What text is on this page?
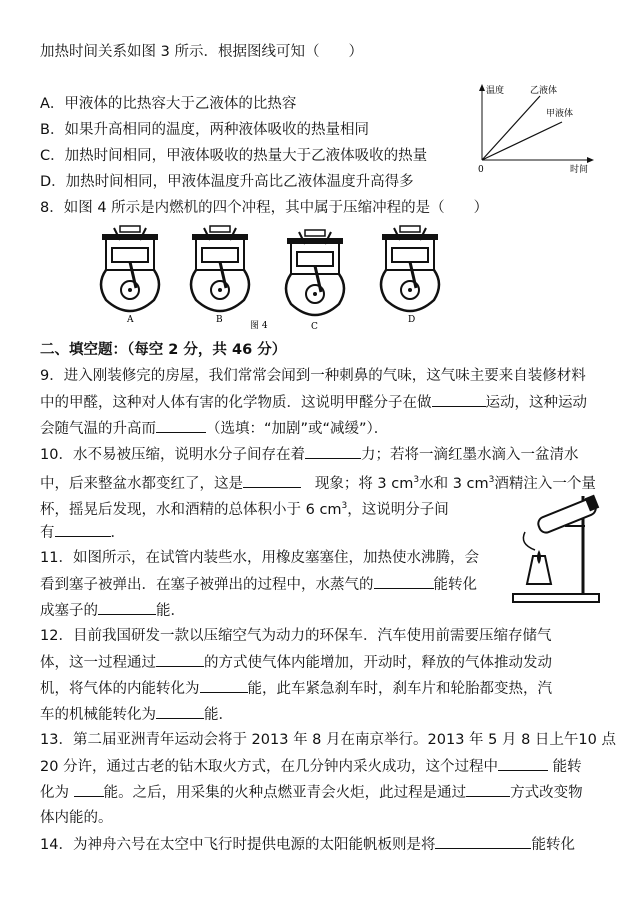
加热时间关系如图 3 所示．根据图线可知（　　）
A．甲液体的比热容大于乙液体的比热容
B．如果升高相同的温度，两种液体吸收的热量相同
C．加热时间相同，甲液体吸收的热量大于乙液体吸收的热量
D．加热时间相同，甲液体温度升高比乙液体温度升高得多
温度	乙液体
甲液体
0	时间
8．如图 4 所示是内燃机的四个冲程，其中属于压缩冲程的是（　　）
A	B
C
D
图 4
二、填空题：（每空 2 分，共 46 分）
9．进入刚装修完的房屋，我们常常会闻到一种刺鼻的气味，这气味主要来自装修材料
中的甲醛，这种对人体有害的化学物质．这说明甲醛分子在做	运动，这种运动
会随气温的升高而	（选填：“加剧”或“减缓”）．
10．水不易被压缩，说明水分子间存在着	力；若将一滴红墨水滴入一盆清水
中，后来整盆水都变红了，这是	现象；将 3 $cm^3$水和 3 $cm^3$酒精注入一个量
杯，摇晃后发现，水和酒精的总体积小于 6 $cm^3$，这说明分子间
有	．
11．如图所示，在试管内装些水，用橡皮塞塞住，加热使水沸腾，会
看到塞子被弹出．在塞子被弹出的过程中，水蒸气的	能转化
成塞子的	能．
12．目前我国研发一款以压缩空气为动力的环保车．汽车使用前需要压缩存储气
体，这一过程通过	的方式使气体内能增加，开动时，释放的气体推动发动
机，将气体的内能转化为	能，此车紧急刹车时，刹车片和轮胎都变热，汽
车的机械能转化为	能．
13．第二届亚洲青年运动会将于 2013 年 8 月在南京举行。2013 年 5 月 8 日上午10 点
20 分许，通过古老的钻木取火方式，在几分钟内采火成功，这个过程中	能转
化为 能。之后，用采集的火种点燃亚青会火炬，此过程是通过	方式改变物
体内能的。
14．为神舟六号在太空中飞行时提供电源的太阳能帆板则是将	能转化
